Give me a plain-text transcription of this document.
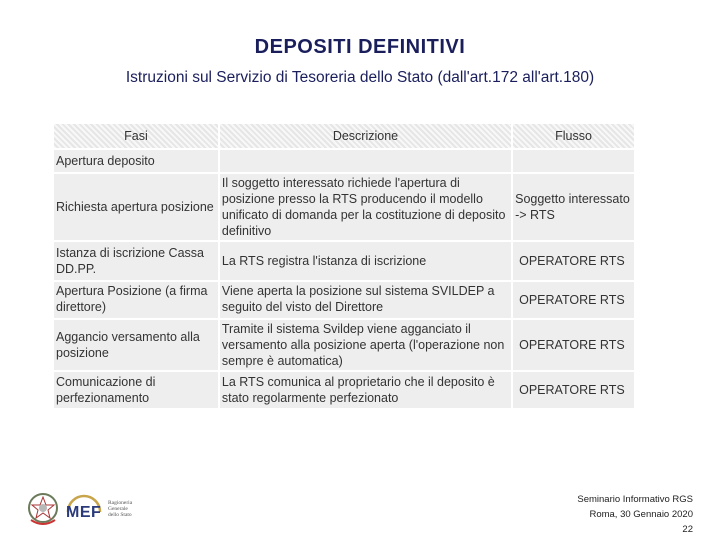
DEPOSITI DEFINITIVI
Istruzioni sul Servizio di Tesoreria dello Stato (dall'art.172 all'art.180)
Fasi	Descrizione	Flusso
Apertura deposito		
Richiesta apertura posizione	Il soggetto interessato richiede l'apertura di posizione presso la RTS producendo il modello unificato di domanda per la costituzione di deposito definitivo	Soggetto interessato -> RTS
Istanza di iscrizione Cassa DD.PP.	La RTS registra l'istanza di iscrizione	OPERATORE RTS
Apertura Posizione (a firma direttore)	Viene aperta la posizione sul sistema SVILDEP a seguito del visto del Direttore	OPERATORE RTS
Aggancio versamento alla posizione	Tramite il sistema Svildep viene agganciato il versamento alla posizione aperta (l'operazione non sempre è automatica)	OPERATORE RTS
Comunicazione di perfezionamento	La RTS comunica al proprietario che il deposito è stato regolarmente perfezionato	OPERATORE RTS
MEF
Ragioneria
Generale
dello Stato
Seminario Informativo RGS
Roma, 30 Gennaio 2020
22
